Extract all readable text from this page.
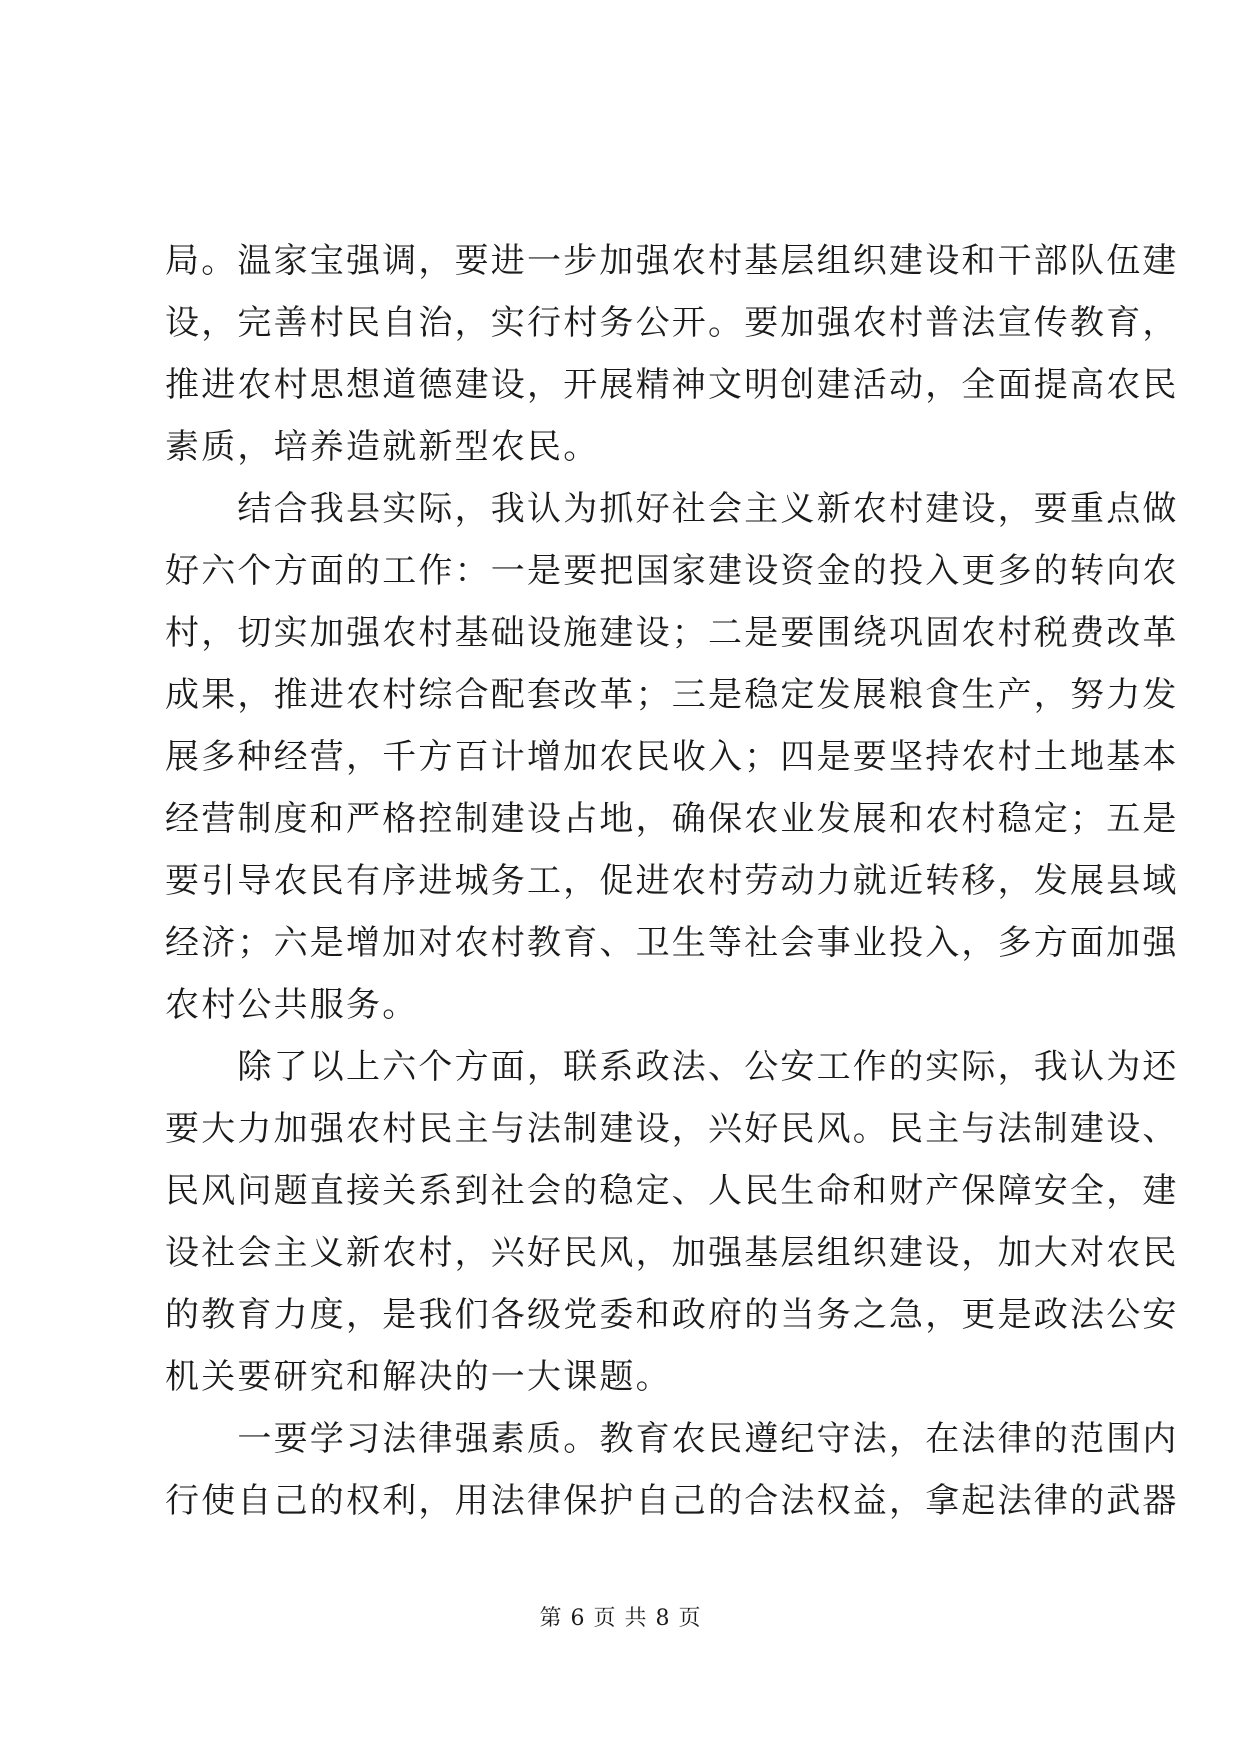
局。温家宝强调，要进一步加强农村基层组织建设和干部队伍建
设，完善村民自治，实行村务公开。要加强农村普法宣传教育，
推进农村思想道德建设，开展精神文明创建活动，全面提高农民
素质，培养造就新型农民。
　　结合我县实际，我认为抓好社会主义新农村建设，要重点做
好六个方面的工作：一是要把国家建设资金的投入更多的转向农
村，切实加强农村基础设施建设；二是要围绕巩固农村税费改革
成果，推进农村综合配套改革；三是稳定发展粮食生产，努力发
展多种经营，千方百计增加农民收入；四是要坚持农村土地基本
经营制度和严格控制建设占地，确保农业发展和农村稳定；五是
要引导农民有序进城务工，促进农村劳动力就近转移，发展县域
经济；六是增加对农村教育、卫生等社会事业投入，多方面加强
农村公共服务。
　　除了以上六个方面，联系政法、公安工作的实际，我认为还
要大力加强农村民主与法制建设，兴好民风。民主与法制建设、
民风问题直接关系到社会的稳定、人民生命和财产保障安全，建
设社会主义新农村，兴好民风，加强基层组织建设，加大对农民
的教育力度，是我们各级党委和政府的当务之急，更是政法公安
机关要研究和解决的一大课题。
　　一要学习法律强素质。教育农民遵纪守法，在法律的范围内
行使自己的权利，用法律保护自己的合法权益，拿起法律的武器
第 6 页 共 8 页
